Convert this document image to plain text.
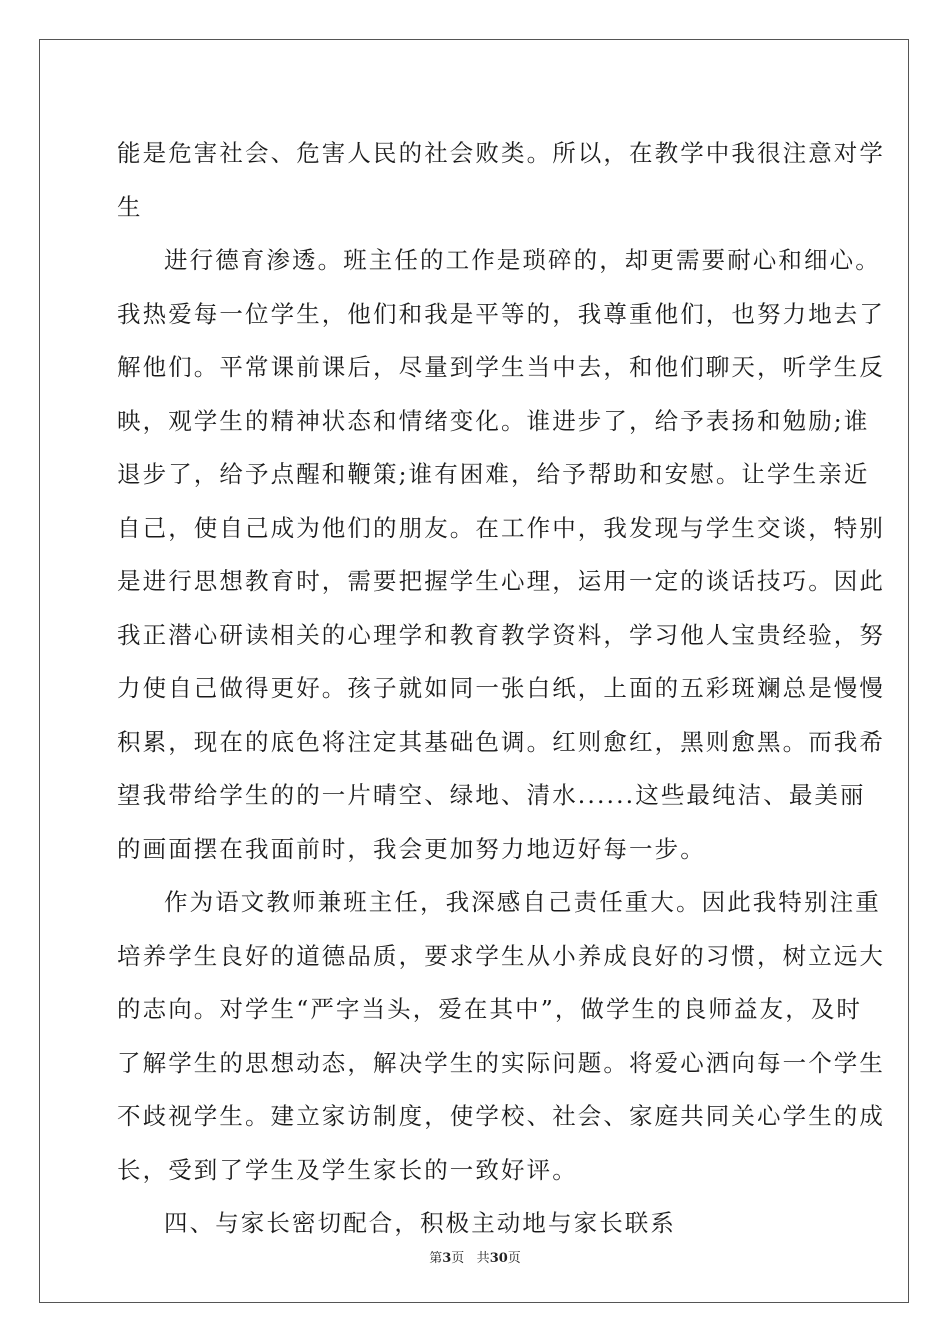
能是危害社会、危害人民的社会败类。所以，在教学中我很注意对学
生
进行德育渗透。班主任的工作是琐碎的，却更需要耐心和细心。
我热爱每一位学生，他们和我是平等的，我尊重他们，也努力地去了
解他们。平常课前课后，尽量到学生当中去，和他们聊天，听学生反
映，观学生的精神状态和情绪变化。谁进步了，给予表扬和勉励;谁
退步了，给予点醒和鞭策;谁有困难，给予帮助和安慰。让学生亲近
自己，使自己成为他们的朋友。在工作中，我发现与学生交谈，特别
是进行思想教育时，需要把握学生心理，运用一定的谈话技巧。因此
我正潜心研读相关的心理学和教育教学资料，学习他人宝贵经验，努
力使自己做得更好。孩子就如同一张白纸，上面的五彩斑斓总是慢慢
积累，现在的底色将注定其基础色调。红则愈红，黑则愈黑。而我希
望我带给学生的的一片晴空、绿地、清水......这些最纯洁、最美丽
的画面摆在我面前时，我会更加努力地迈好每一步。
作为语文教师兼班主任，我深感自己责任重大。因此我特别注重
培养学生良好的道德品质，要求学生从小养成良好的习惯，树立远大
的志向。对学生“严字当头，爱在其中”，做学生的良师益友，及时
了解学生的思想动态，解决学生的实际问题。将爱心洒向每一个学生
不歧视学生。建立家访制度，使学校、社会、家庭共同关心学生的成
长，受到了学生及学生家长的一致好评。
四、与家长密切配合，积极主动地与家长联系
第3页 共30页
